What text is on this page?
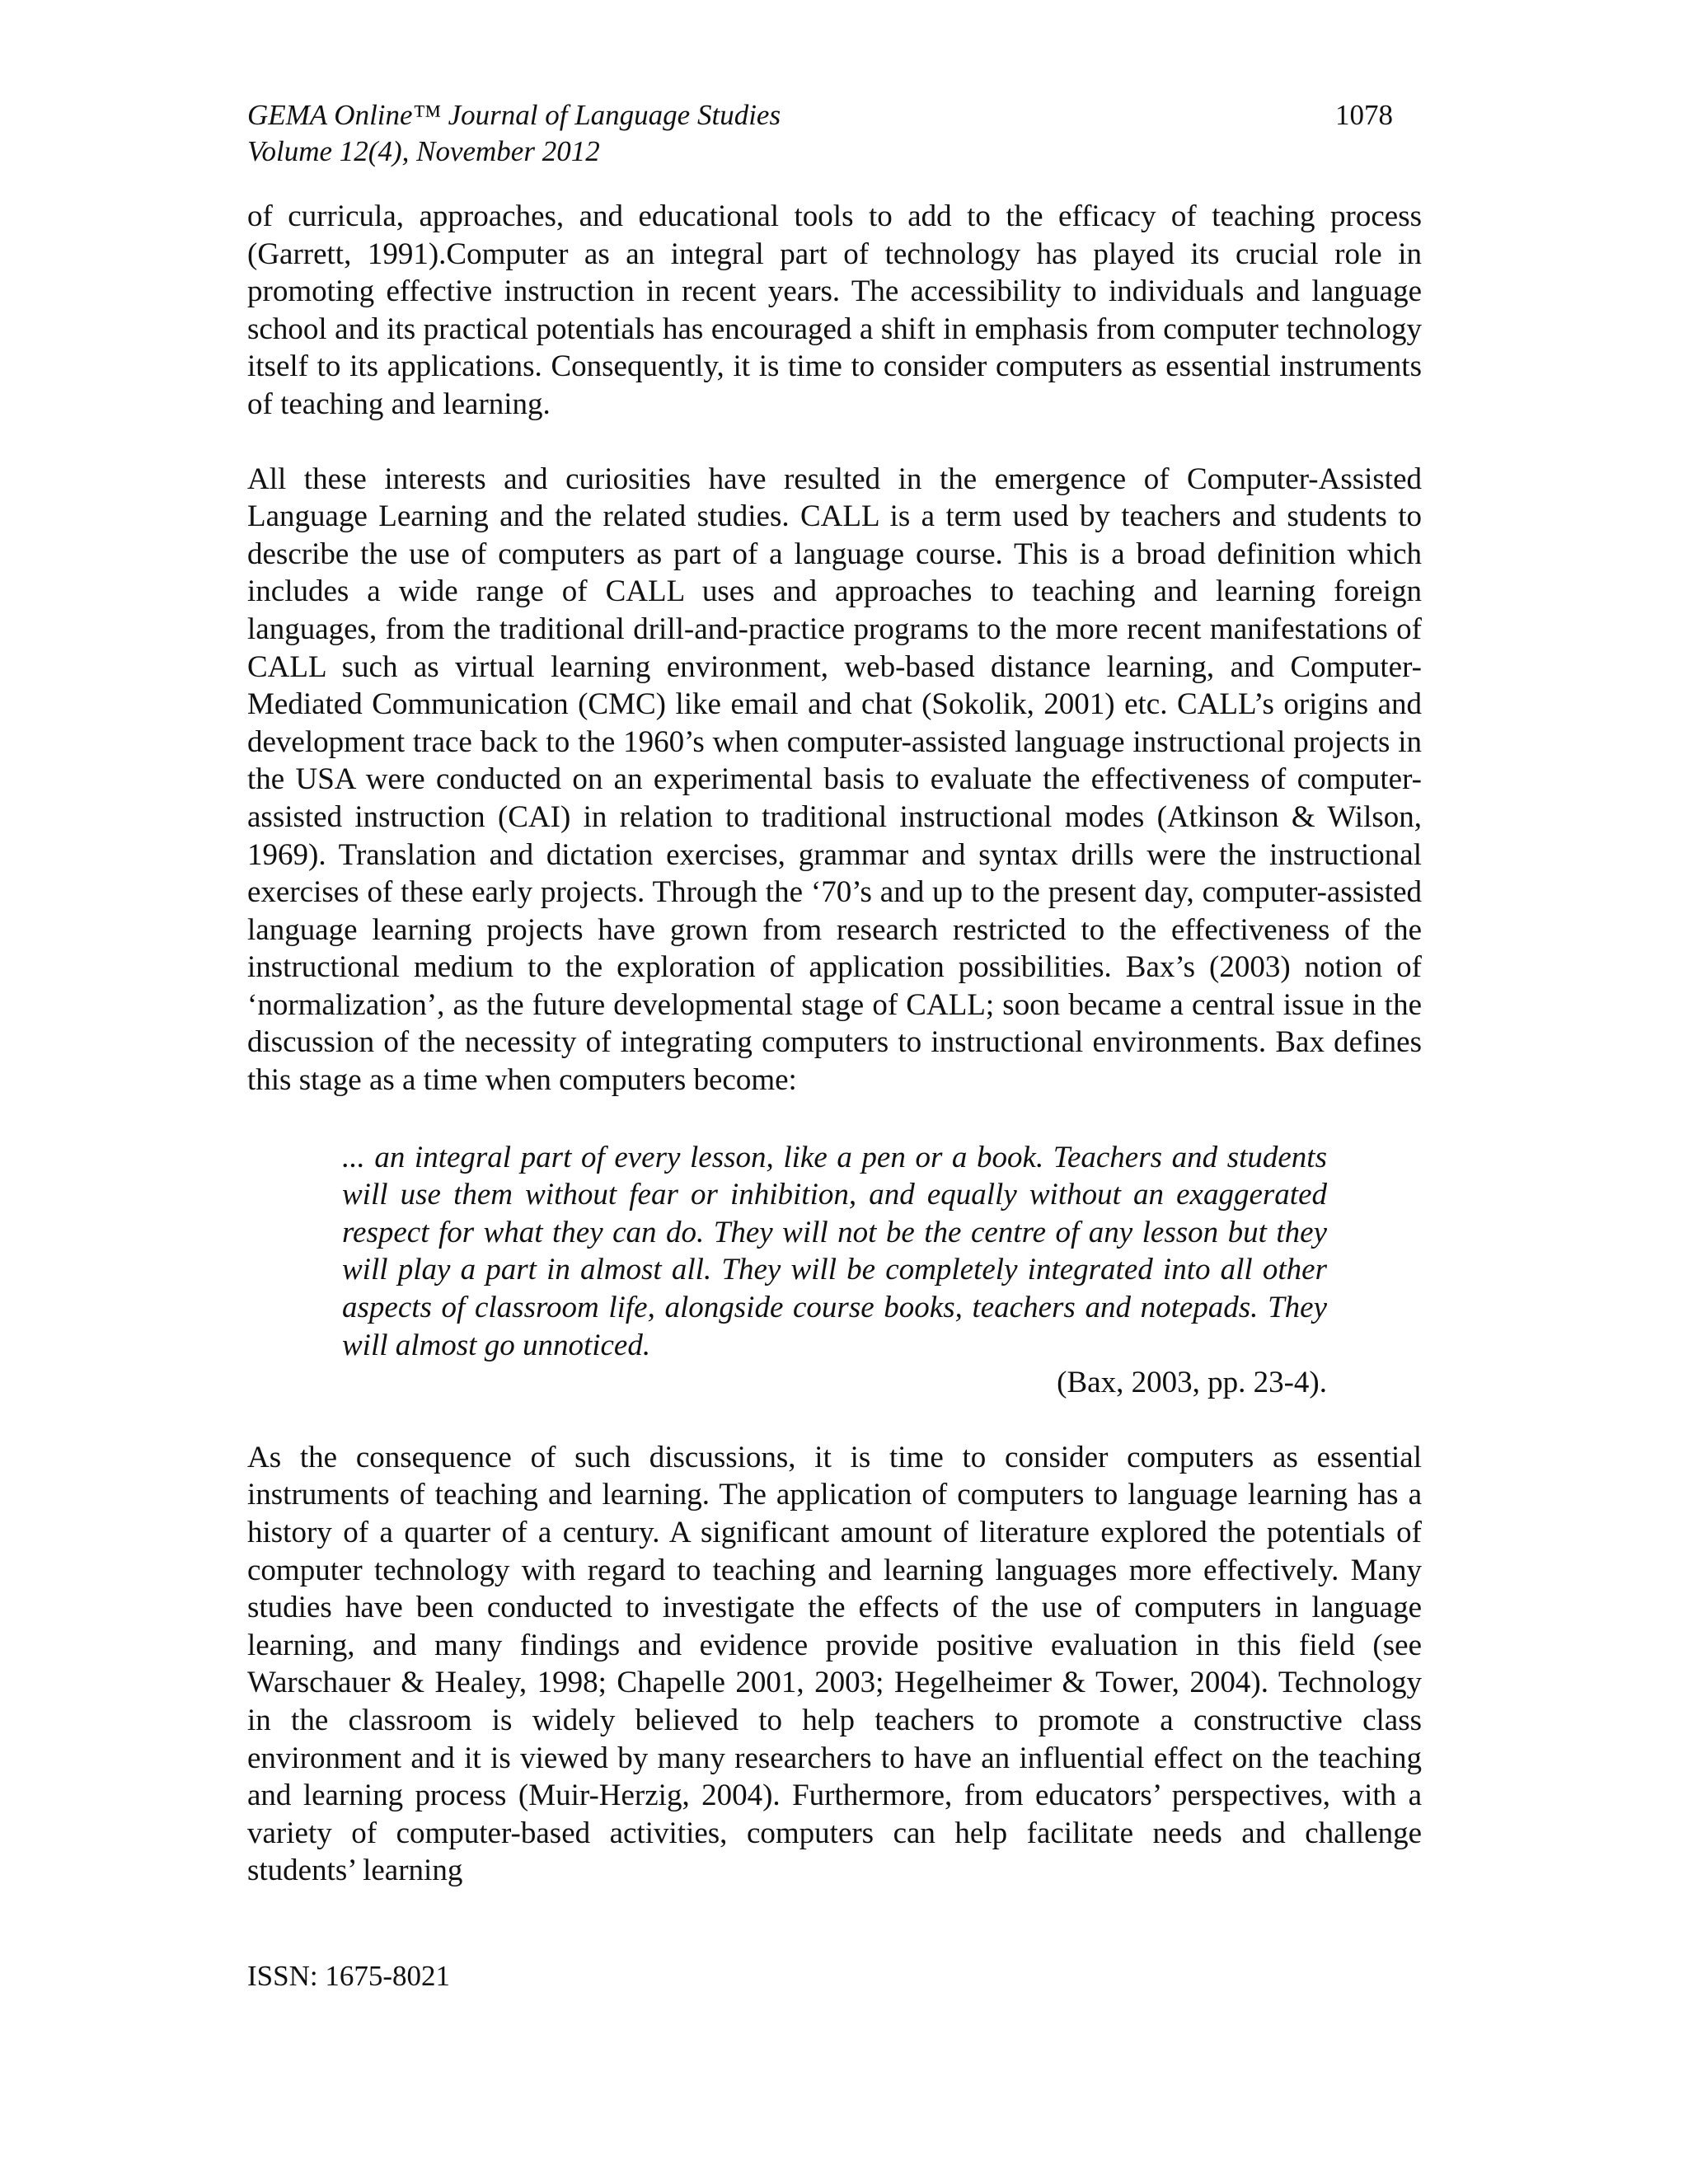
GEMA Online™ Journal of Language Studies
Volume 12(4), November 2012
1078

of curricula, approaches, and educational tools to add to the efficacy of teaching process (Garrett, 1991).Computer as an integral part of technology has played its crucial role in promoting effective instruction in recent years. The accessibility to individuals and language school and its practical potentials has encouraged a shift in emphasis from computer technology itself to its applications. Consequently, it is time to consider computers as essential instruments of teaching and learning.

All these interests and curiosities have resulted in the emergence of Computer-Assisted Language Learning and the related studies. CALL is a term used by teachers and students to describe the use of computers as part of a language course. This is a broad definition which includes a wide range of CALL uses and approaches to teaching and learning foreign languages, from the traditional drill-and-practice programs to the more recent manifestations of CALL such as virtual learning environment, web-based distance learning, and Computer-Mediated Communication (CMC) like email and chat (Sokolik, 2001) etc. CALL’s origins and development trace back to the 1960’s when computer-assisted language instructional projects in the USA were conducted on an experimental basis to evaluate the effectiveness of computer-assisted instruction (CAI) in relation to traditional instructional modes (Atkinson & Wilson, 1969). Translation and dictation exercises, grammar and syntax drills were the instructional exercises of these early projects. Through the ‘70’s and up to the present day, computer-assisted language learning projects have grown from research restricted to the effectiveness of the instructional medium to the exploration of application possibilities. Bax’s (2003) notion of ‘normalization’, as the future developmental stage of CALL; soon became a central issue in the discussion of the necessity of integrating computers to instructional environments. Bax defines this stage as a time when computers become:

... an integral part of every lesson, like a pen or a book. Teachers and students will use them without fear or inhibition, and equally without an exaggerated respect for what they can do. They will not be the centre of any lesson but they will play a part in almost all. They will be completely integrated into all other aspects of classroom life, alongside course books, teachers and notepads. They will almost go unnoticed.

(Bax, 2003, pp. 23-4).

As the consequence of such discussions, it is time to consider computers as essential instruments of teaching and learning. The application of computers to language learning has a history of a quarter of a century. A significant amount of literature explored the potentials of computer technology with regard to teaching and learning languages more effectively. Many studies have been conducted to investigate the effects of the use of computers in language learning, and many findings and evidence provide positive evaluation in this field (see Warschauer & Healey, 1998; Chapelle 2001, 2003; Hegelheimer & Tower, 2004). Technology in the classroom is widely believed to help teachers to promote a constructive class environment and it is viewed by many researchers to have an influential effect on the teaching and learning process (Muir-Herzig, 2004). Furthermore, from educators’ perspectives, with a variety of computer-based activities, computers can help facilitate needs and challenge students’ learning

ISSN: 1675-8021
